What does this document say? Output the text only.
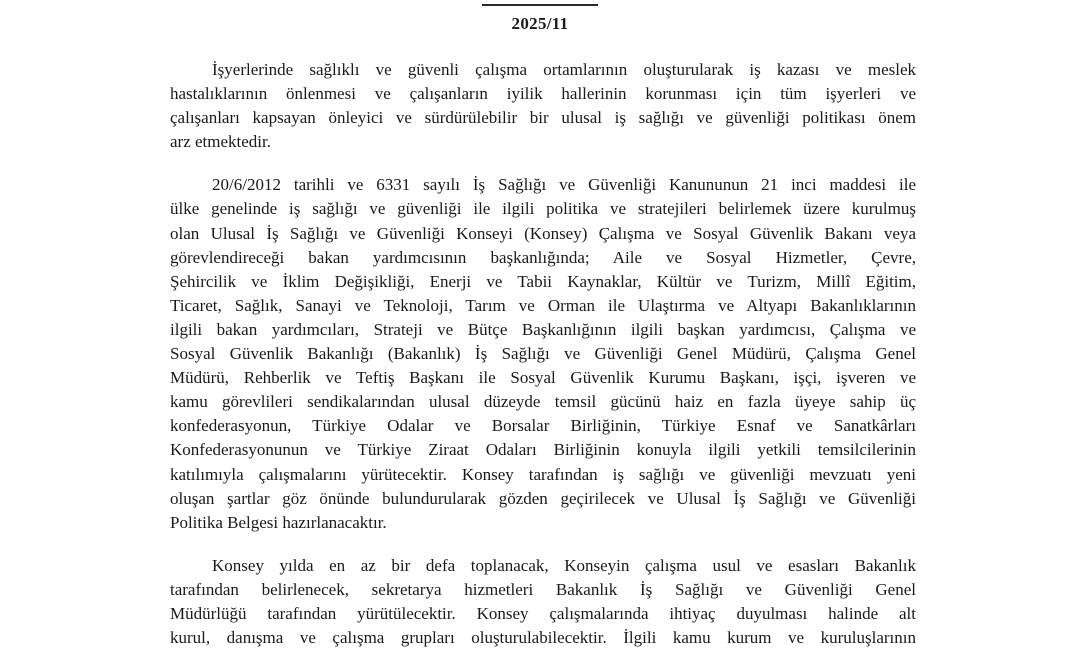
2025/11

İşyerlerinde sağlıklı ve güvenli çalışma ortamlarının oluşturularak iş kazası ve meslek
hastalıklarının önlenmesi ve çalışanların iyilik hallerinin korunması için tüm işyerleri ve
çalışanları kapsayan önleyici ve sürdürülebilir bir ulusal iş sağlığı ve güvenliği politikası önem
arz etmektedir.

20/6/2012 tarihli ve 6331 sayılı İş Sağlığı ve Güvenliği Kanununun 21 inci maddesi ile
ülke genelinde iş sağlığı ve güvenliği ile ilgili politika ve stratejileri belirlemek üzere kurulmuş
olan Ulusal İş Sağlığı ve Güvenliği Konseyi (Konsey) Çalışma ve Sosyal Güvenlik Bakanı veya
görevlendireceği bakan yardımcısının başkanlığında; Aile ve Sosyal Hizmetler, Çevre,
Şehircilik ve İklim Değişikliği, Enerji ve Tabii Kaynaklar, Kültür ve Turizm, Millî Eğitim,
Ticaret, Sağlık, Sanayi ve Teknoloji, Tarım ve Orman ile Ulaştırma ve Altyapı Bakanlıklarının
ilgili bakan yardımcıları, Strateji ve Bütçe Başkanlığının ilgili başkan yardımcısı, Çalışma ve
Sosyal Güvenlik Bakanlığı (Bakanlık) İş Sağlığı ve Güvenliği Genel Müdürü, Çalışma Genel
Müdürü, Rehberlik ve Teftiş Başkanı ile Sosyal Güvenlik Kurumu Başkanı, işçi, işveren ve
kamu görevlileri sendikalarından ulusal düzeyde temsil gücünü haiz en fazla üyeye sahip üç
konfederasyonun, Türkiye Odalar ve Borsalar Birliğinin, Türkiye Esnaf ve Sanatkârları
Konfederasyonunun ve Türkiye Ziraat Odaları Birliğinin konuyla ilgili yetkili temsilcilerinin
katılımıyla çalışmalarını yürütecektir. Konsey tarafından iş sağlığı ve güvenliği mevzuatı yeni
oluşan şartlar göz önünde bulundurularak gözden geçirilecek ve Ulusal İş Sağlığı ve Güvenliği
Politika Belgesi hazırlanacaktır.

Konsey yılda en az bir defa toplanacak, Konseyin çalışma usul ve esasları Bakanlık
tarafından belirlenecek, sekretarya hizmetleri Bakanlık İş Sağlığı ve Güvenliği Genel
Müdürlüğü tarafından yürütülecektir. Konsey çalışmalarında ihtiyaç duyulması halinde alt
kurul, danışma ve çalışma grupları oluşturulabilecektir. İlgili kamu kurum ve kuruluşlarının
